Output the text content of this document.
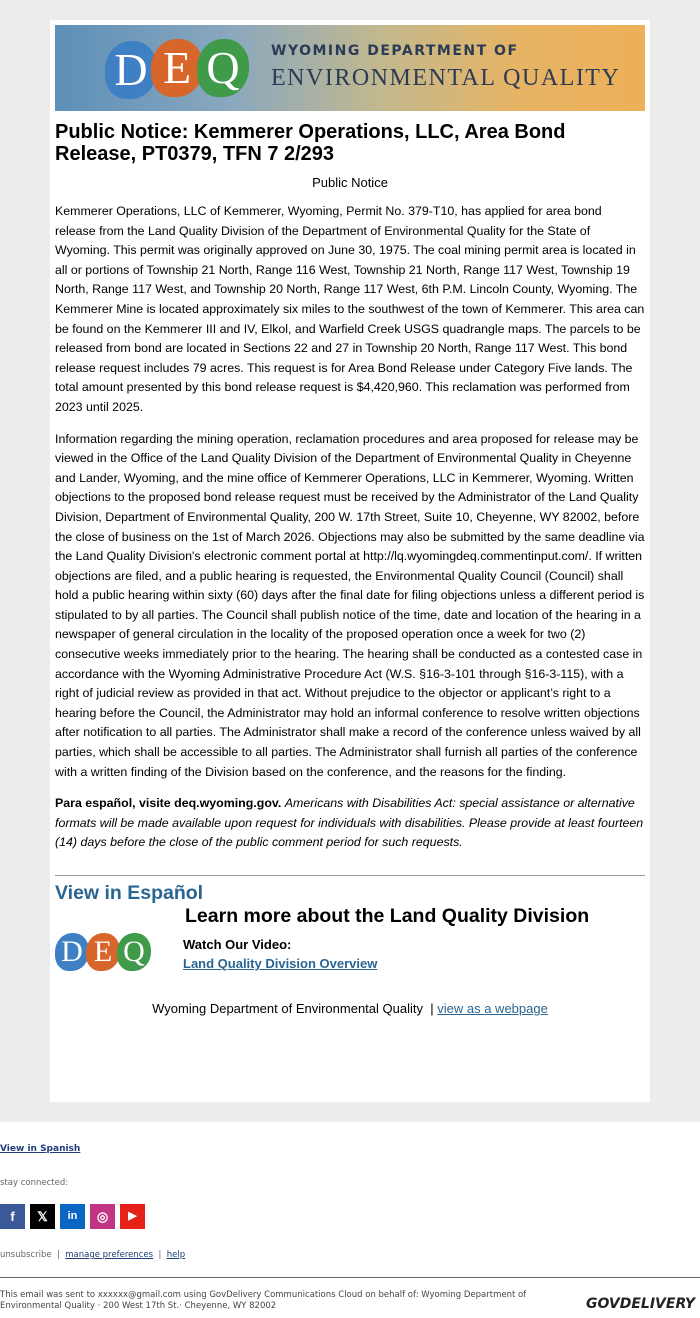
D E Q	WYOMING DEPARTMENT OF
ENVIRONMENTAL QUALITY
Public Notice: Kemmerer Operations, LLC, Area Bond Release, PT0379, TFN 7 2/293
Public Notice

Kemmerer Operations, LLC of Kemmerer, Wyoming, Permit No. 379-T10, has applied for area bond release from the Land Quality Division of the Department of Environmental Quality for the State of Wyoming. This permit was originally approved on June 30, 1975. The coal mining permit area is located in all or portions of Township 21 North, Range 116 West, Township 21 North, Range 117 West, Township 19 North, Range 117 West, and Township 20 North, Range 117 West, 6th P.M. Lincoln County, Wyoming. The Kemmerer Mine is located approximately six miles to the southwest of the town of Kemmerer. This area can be found on the Kemmerer III and IV, Elkol, and Warfield Creek USGS quadrangle maps. The parcels to be released from bond are located in Sections 22 and 27 in Township 20 North, Range 117 West. This bond release request includes 79 acres. This request is for Area Bond Release under Category Five lands. The total amount presented by this bond release request is $4,420,960. This reclamation was performed from 2023 until 2025.

Information regarding the mining operation, reclamation procedures and area proposed for release may be viewed in the Office of the Land Quality Division of the Department of Environmental Quality in Cheyenne and Lander, Wyoming, and the mine office of Kemmerer Operations, LLC in Kemmerer, Wyoming. Written objections to the proposed bond release request must be received by the Administrator of the Land Quality Division, Department of Environmental Quality, 200 W. 17th Street, Suite 10, Cheyenne, WY 82002, before the close of business on the 1st of March 2026. Objections may also be submitted by the same deadline via the Land Quality Division's electronic comment portal at http://lq.wyomingdeq.commentinput.com/. If written objections are filed, and a public hearing is requested, the Environmental Quality Council (Council) shall hold a public hearing within sixty (60) days after the final date for filing objections unless a different period is stipulated to by all parties. The Council shall publish notice of the time, date and location of the hearing in a newspaper of general circulation in the locality of the proposed operation once a week for two (2) consecutive weeks immediately prior to the hearing. The hearing shall be conducted as a contested case in accordance with the Wyoming Administrative Procedure Act (W.S. §16-3-101 through §16-3-115), with a right of judicial review as provided in that act. Without prejudice to the objector or applicant’s right to a hearing before the Council, the Administrator may hold an informal conference to resolve written objections after notification to all parties. The Administrator shall make a record of the conference unless waived by all parties, which shall be accessible to all parties. The Administrator shall furnish all parties of the conference with a written finding of the Division based on the conference, and the reasons for the finding.

Para español, visite deq.wyoming.gov. Americans with Disabilities Act: special assistance or alternative formats will be made available upon request for individuals with disabilities. Please provide at least fourteen (14) days before the close of the public comment period for such requests.

View in Español
Learn more about the Land Quality Division
D E Q	Watch Our Video:
Land Quality Division Overview
Wyoming Department of Environmental Quality | view as a webpage
View in Spanish
stay connected:
f	𝕏	in	◎	▶
unsubscribe  |  manage preferences  |  help
This email was sent to xxxxxx@gmail.com using GovDelivery Communications Cloud on behalf of: Wyoming Department of Environmental Quality · 200 West 17th St.· Cheyenne, WY 82002	GOVDELIVERY
